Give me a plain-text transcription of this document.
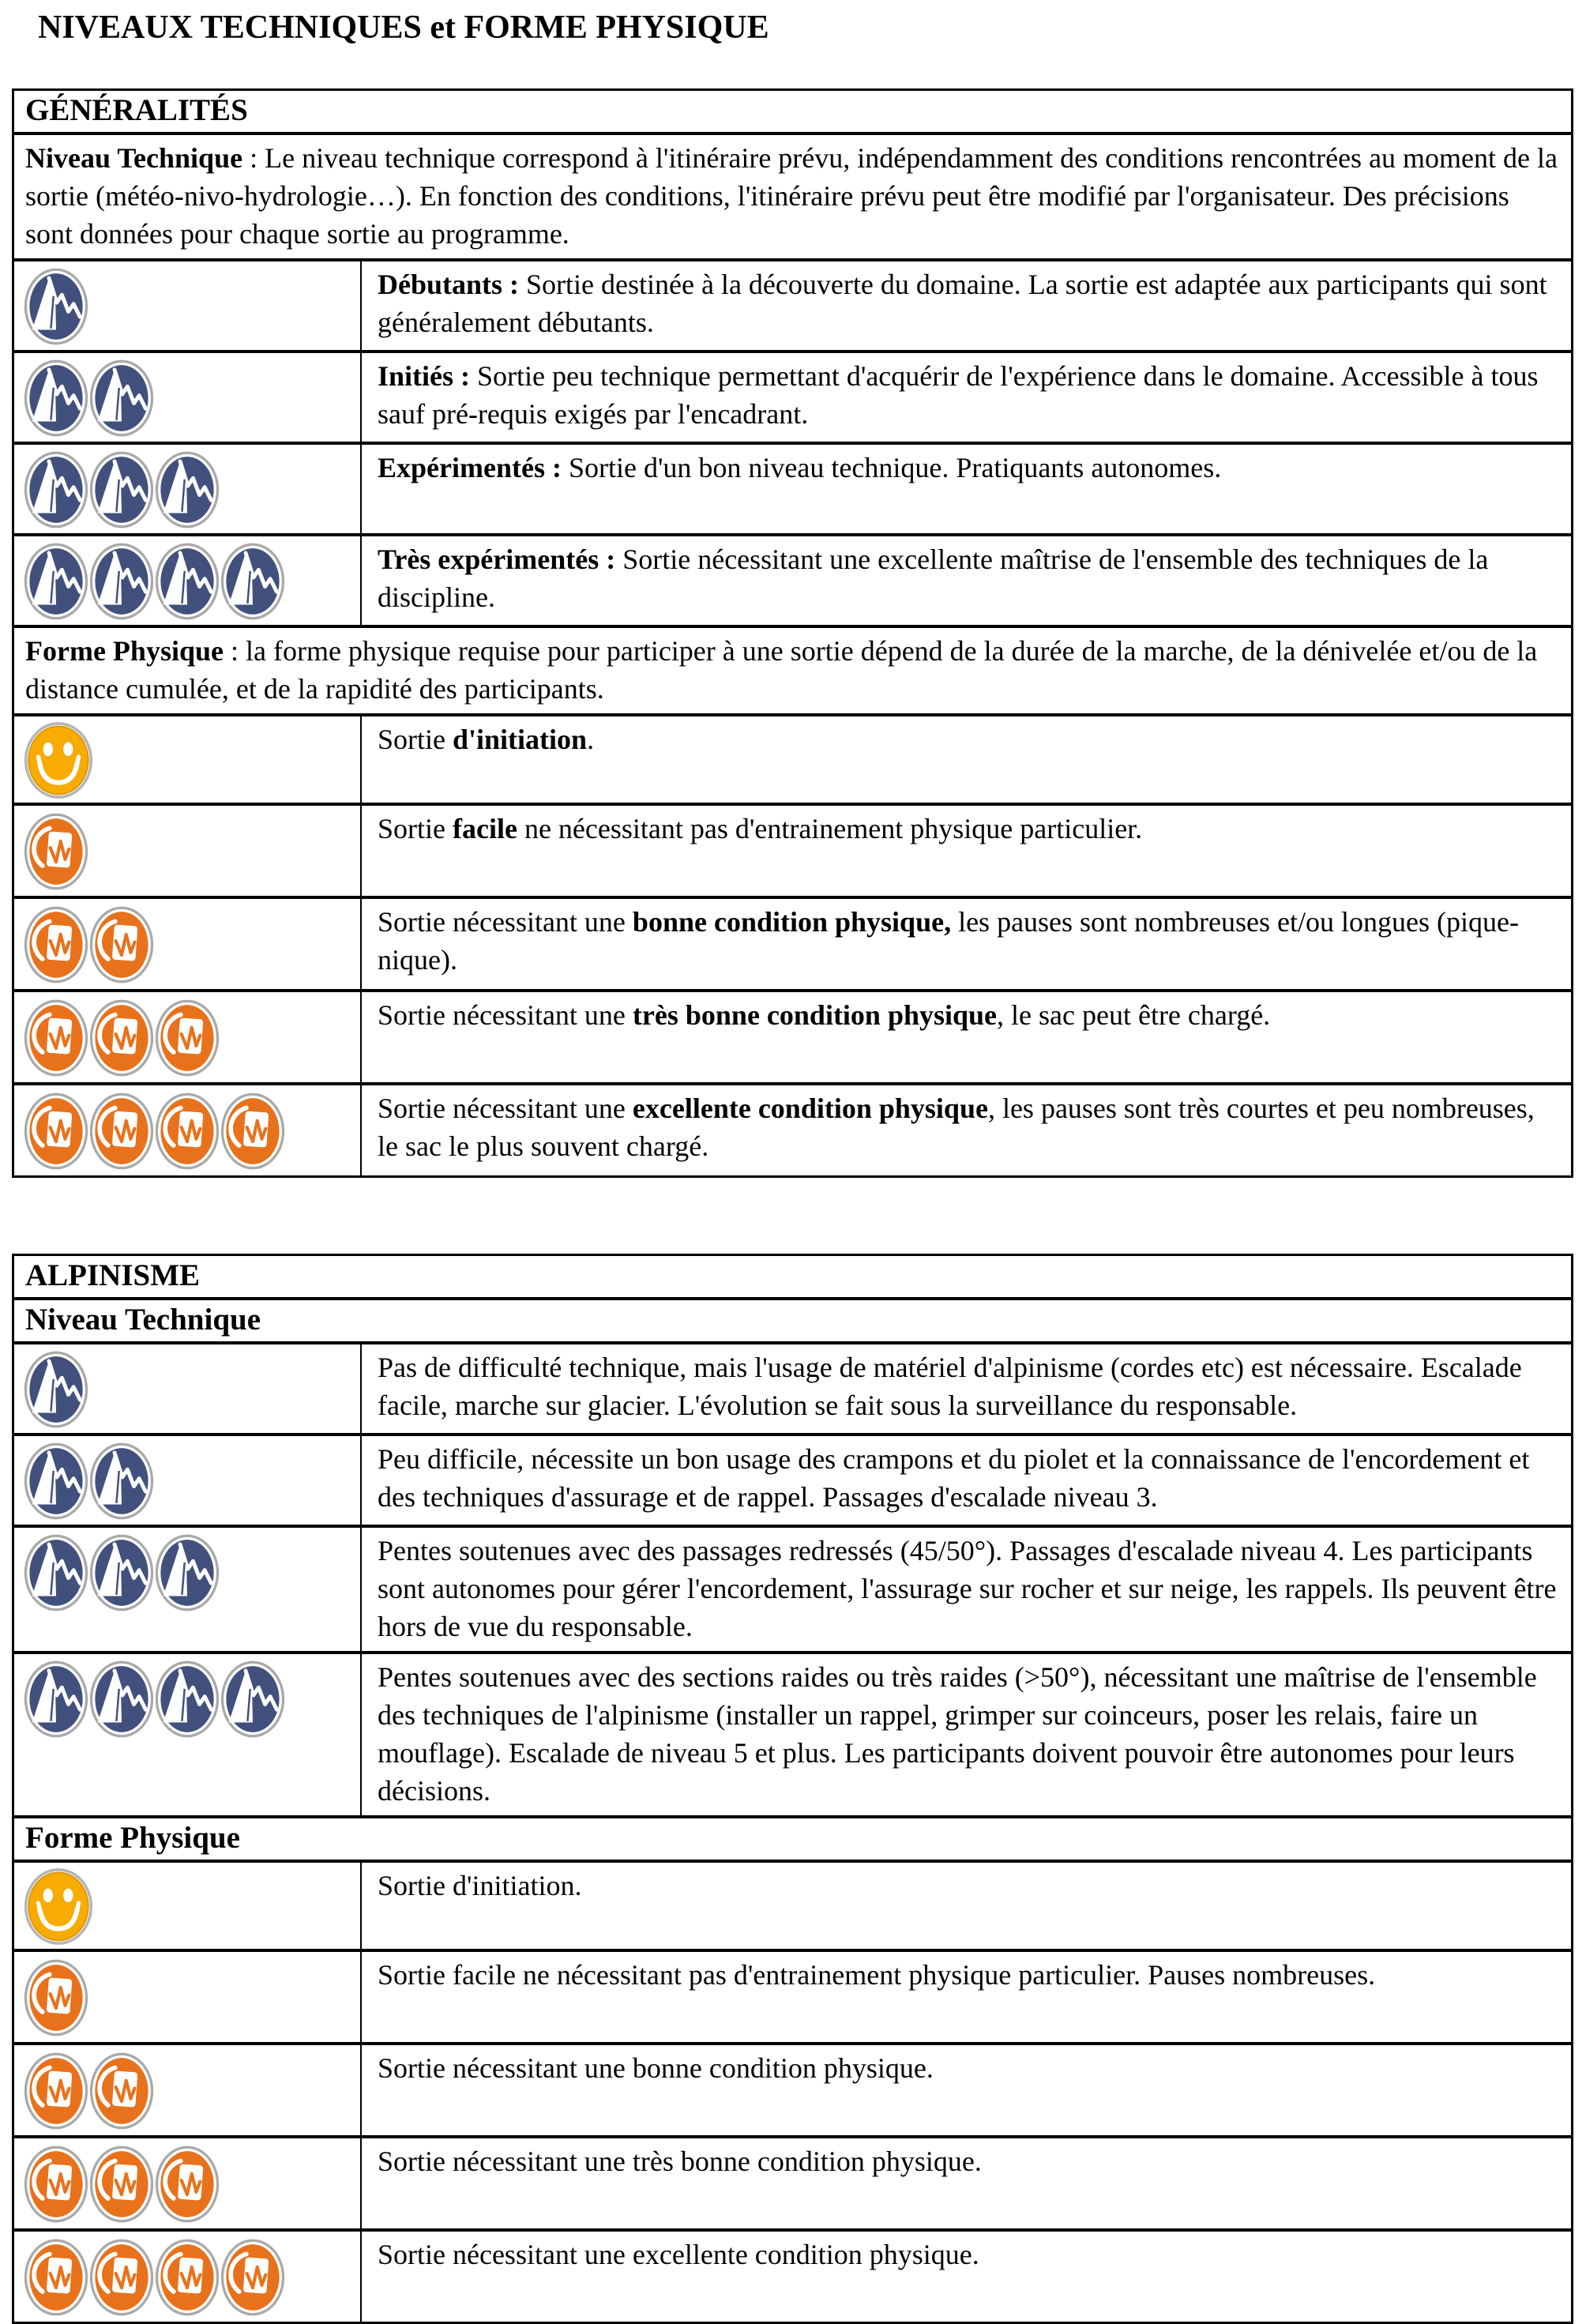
NIVEAUX TECHNIQUES et FORME PHYSIQUE
GÉNÉRALITÉS
Niveau Technique : Le niveau technique correspond à l'itinéraire prévu, indépendamment des conditions rencontrées au moment de la sortie (météo-nivo-hydrologie…). En fonction des conditions, l'itinéraire prévu peut être modifié par l'organisateur. Des précisions sont données pour chaque sortie au programme.
Débutants : Sortie destinée à la découverte du domaine. La sortie est adaptée aux participants qui sont généralement débutants.
Initiés : Sortie peu technique permettant d'acquérir de l'expérience dans le domaine. Accessible à tous sauf pré-requis exigés par l'encadrant.
Expérimentés : Sortie d'un bon niveau technique. Pratiquants autonomes.
Très expérimentés : Sortie nécessitant une excellente maîtrise de l'ensemble des techniques de la discipline.
Forme Physique : la forme physique requise pour participer à une sortie dépend de la durée de la marche, de la dénivelée et/ou de la distance cumulée, et de la rapidité des participants.
Sortie d'initiation.
Sortie facile ne nécessitant pas d'entrainement physique particulier.
Sortie nécessitant une bonne condition physique, les pauses sont nombreuses et/ou longues (pique-nique).
Sortie nécessitant une très bonne condition physique, le sac peut être chargé.
Sortie nécessitant une excellente condition physique, les pauses sont très courtes et peu nombreuses, le sac le plus souvent chargé.
ALPINISME
Niveau Technique
Pas de difficulté technique, mais l'usage de matériel d'alpinisme (cordes etc) est nécessaire. Escalade facile, marche sur glacier. L'évolution se fait sous la surveillance du responsable.
Peu difficile, nécessite un bon usage des crampons et du piolet et la connaissance de l'encordement et des techniques d'assurage et de rappel. Passages d'escalade niveau 3.
Pentes soutenues avec des passages redressés (45/50°). Passages d'escalade niveau 4. Les participants sont autonomes pour gérer l'encordement, l'assurage sur rocher et sur neige, les rappels. Ils peuvent être hors de vue du responsable.
Pentes soutenues avec des sections raides ou très raides (>50°), nécessitant une maîtrise de l'ensemble des techniques de l'alpinisme (installer un rappel, grimper sur coinceurs, poser les relais, faire un mouflage). Escalade de niveau 5 et plus. Les participants doivent pouvoir être autonomes pour leurs décisions.
Forme Physique
Sortie d'initiation.
Sortie facile ne nécessitant pas d'entrainement physique particulier. Pauses nombreuses.
Sortie nécessitant une bonne condition physique.
Sortie nécessitant une très bonne condition physique.
Sortie nécessitant une excellente condition physique.
